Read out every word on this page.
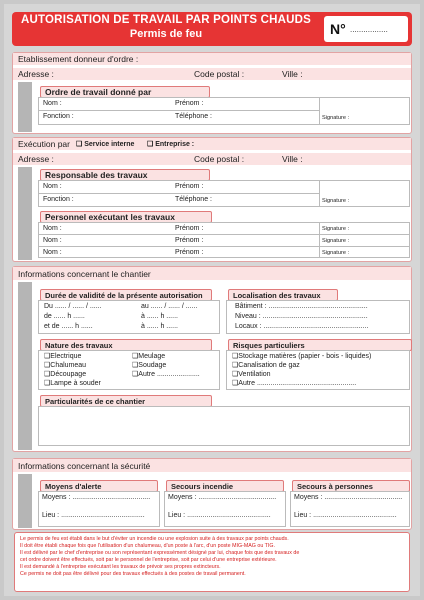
AUTORISATION DE TRAVAIL PAR POINTS CHAUDS
Permis de feu	N° .................
Etablissement donneur d'ordre :
Adresse :	Code postal :	Ville :
Ordre de travail donné par
Nom :	Prénom :
Fonction :	Téléphone :	Signature :
Exécution par ❑ Service interne ❑ Entreprise :
Adresse :	Code postal :	Ville :
Responsable des travaux
Nom :	Prénom :
Fonction :	Téléphone :	Signature :
Personnel exécutant les travaux
Nom :	Prénom :	Signature :
Nom :	Prénom :	Signature :
Nom :	Prénom :	Signature :
Informations concernant le chantier
Durée de validité de la présente autorisation
Du ...... / ...... / ......	au ...... / ...... / ......
de ...... h ......	à ...... h ......
et de ...... h ......	à ...... h ......
Localisation des travaux
Bâtiment : ...................................................
Niveau : ......................................................
Locaux : ......................................................
Nature des travaux
❑Electrique
❑Chalumeau
❑Découpage
❑Lampe à souder
❑Meulage
❑Soudage
❑Autre ......................
Risques particuliers
❑Stockage matières (papier - bois - liquides)
❑Canalisation de gaz
❑Ventilation
❑Autre ...................................................
Particularités de ce chantier
Informations concernant la sécurité
Moyens d'alerte
Moyens : ........................................
Lieu : ...........................................
Secours incendie
Moyens : ........................................
Lieu : ...........................................
Secours à personnes
Moyens : ........................................
Lieu : ...........................................
Le permis de feu est établi dans le but d'éviter un incendie ou une explosion suite à des travaux par points chauds.
Il doit être établi chaque fois que l'utilisation d'un chalumeau, d'un poste à l'arc, d'un poste MIG-MAG ou TIG.
Il est délivré par le chef d'entreprise ou son représentant expressément désigné par lui, chaque fois que des travaux de
cet ordre doivent être effectués, soit par le personnel de l'entreprise, soit par celui d'une entreprise extérieure.
Il est demandé à l'entreprise exécutant les travaux de prévoir ses propres extincteurs.
Ce permis ne doit pas être délivré pour des travaux effectués à des postes de travail permanent.
